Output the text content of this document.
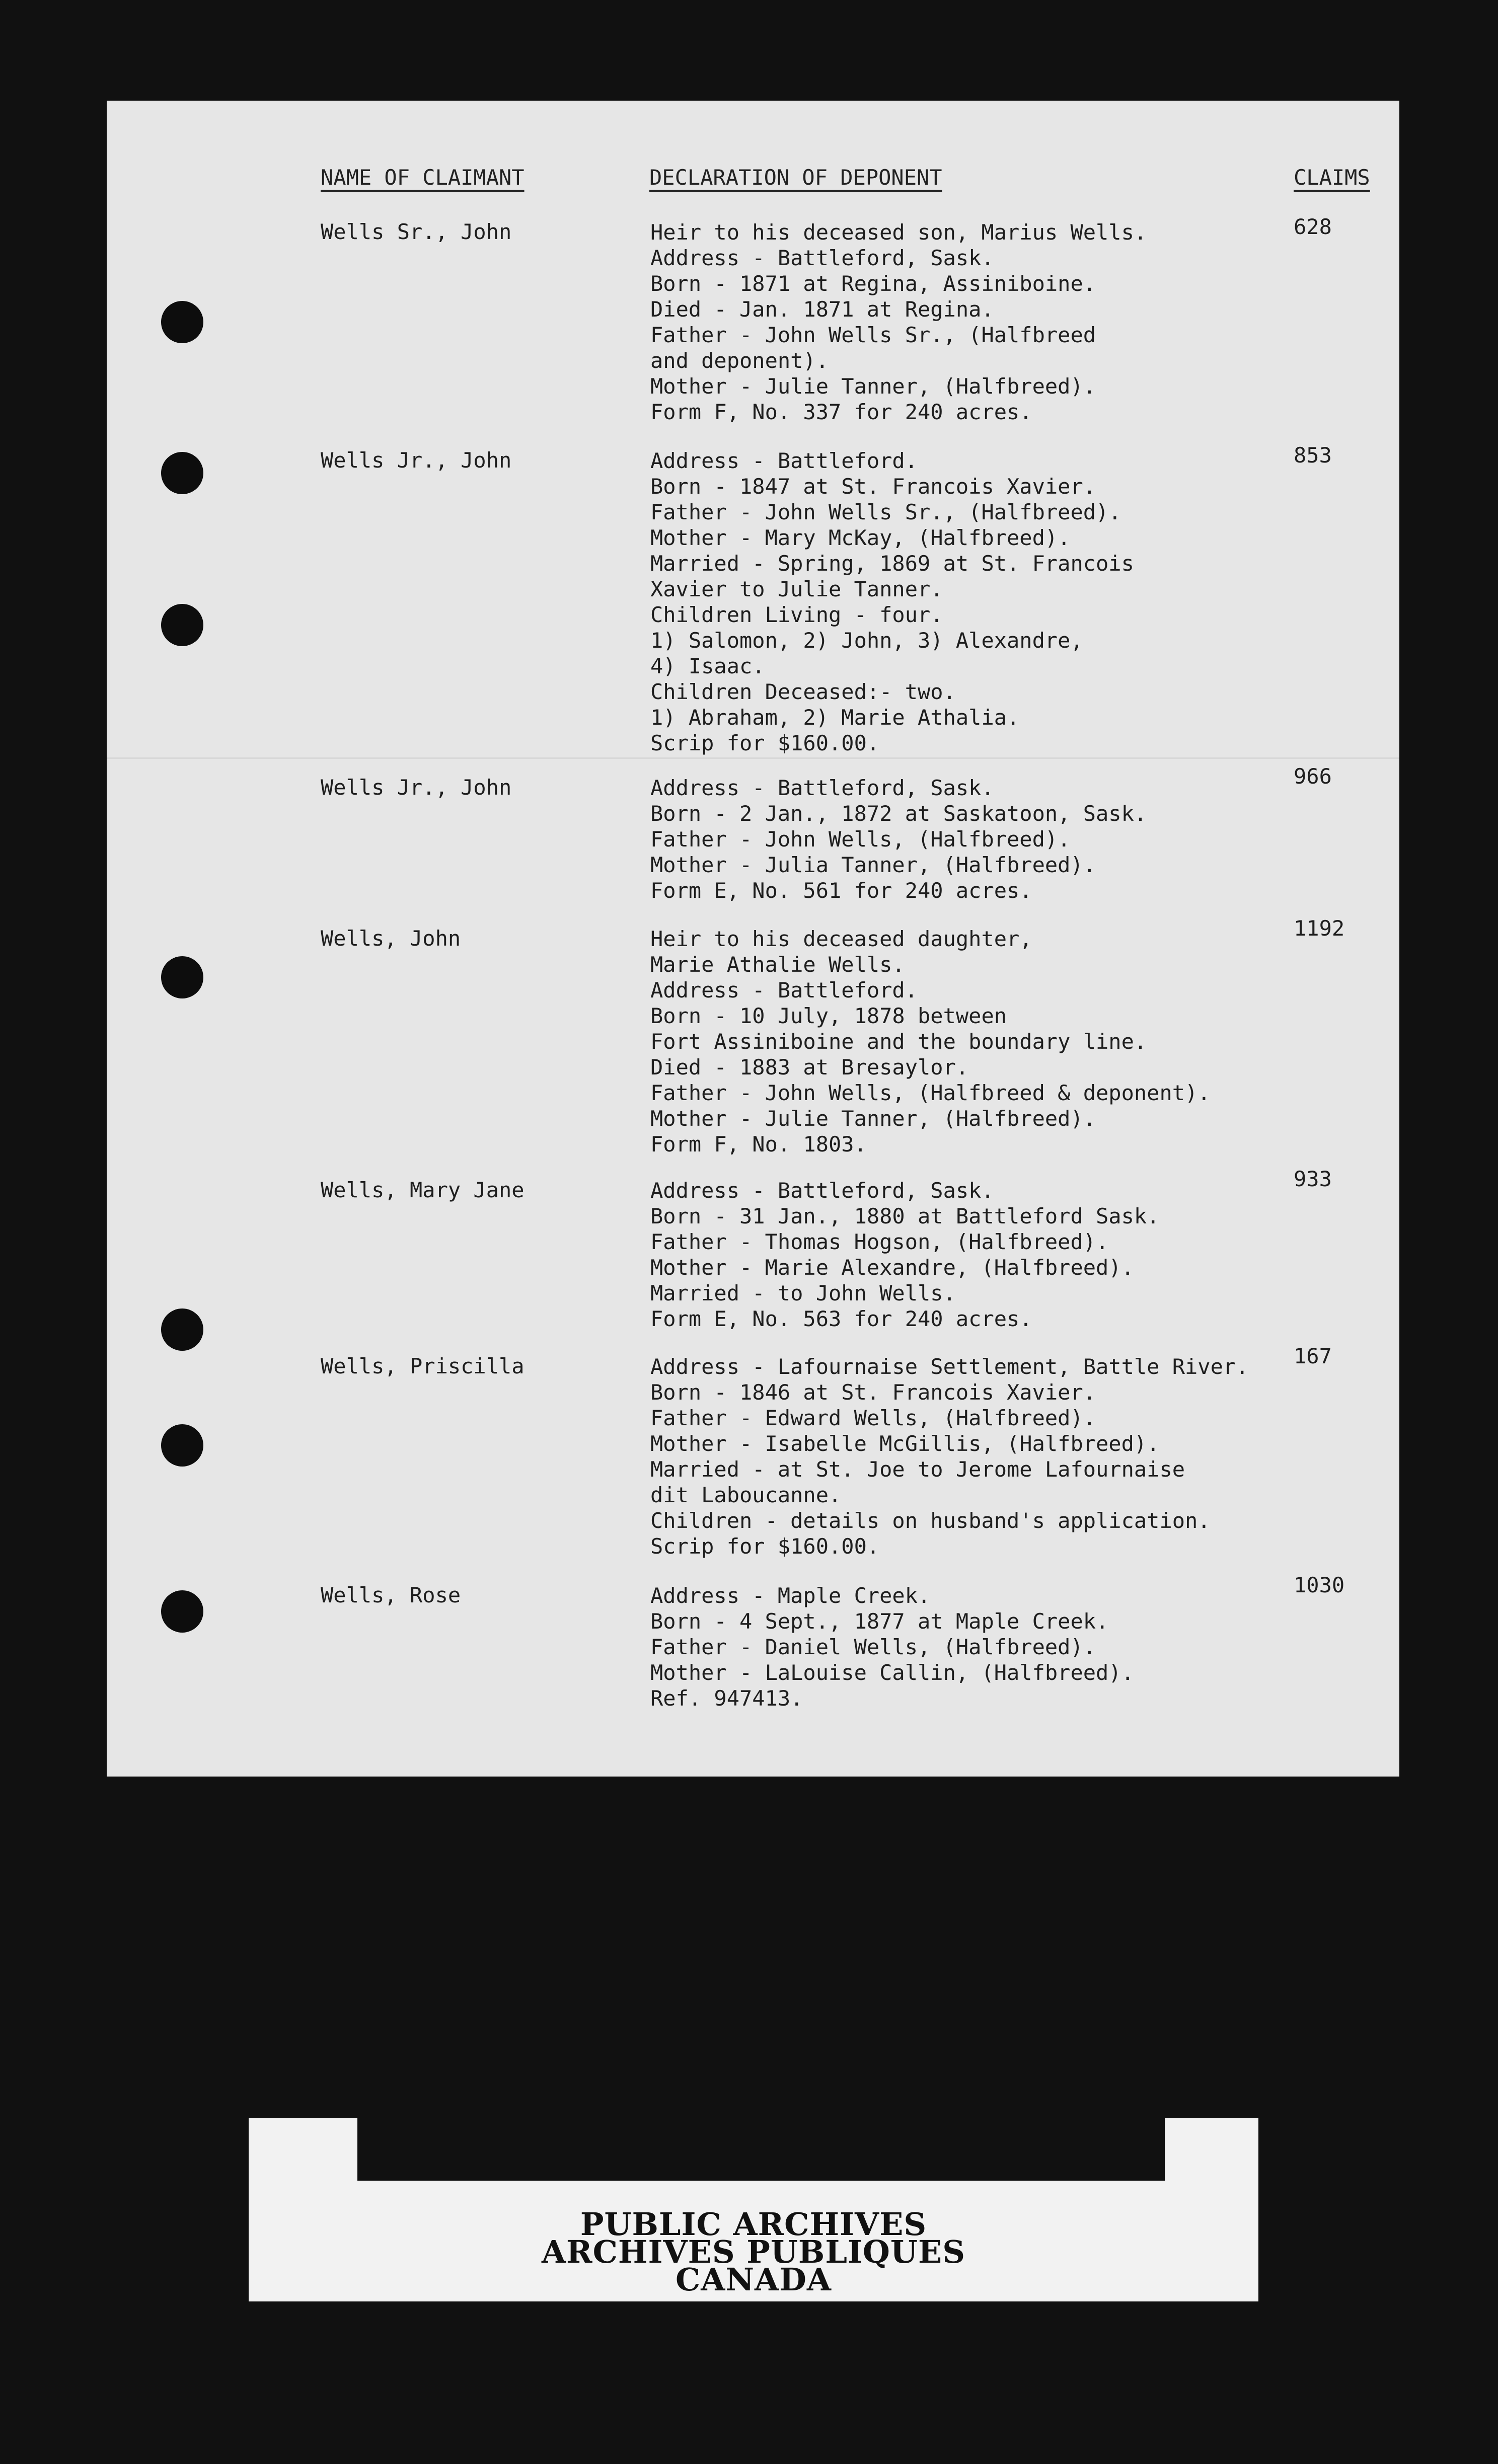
NAME OF CLAIMANT	DECLARATION OF DEPONENT	CLAIMS
Wells Sr., John	Heir to his deceased son, Marius Wells.
Address - Battleford, Sask.
Born - 1871 at Regina, Assiniboine.
Died - Jan. 1871 at Regina.
Father - John Wells Sr., (Halfbreed
and deponent).
Mother - Julie Tanner, (Halfbreed).
Form F, No. 337 for 240 acres.
628
Wells Jr., John	Address - Battleford.
Born - 1847 at St. Francois Xavier.
Father - John Wells Sr., (Halfbreed).
Mother - Mary McKay, (Halfbreed).
Married - Spring, 1869 at St. Francois
Xavier to Julie Tanner.
Children Living - four.
1) Salomon, 2) John, 3) Alexandre,
4) Isaac.
Children Deceased:- two.
1) Abraham, 2) Marie Athalia.
Scrip for $160.00.
853
Wells Jr., John	Address - Battleford, Sask.
Born - 2 Jan., 1872 at Saskatoon, Sask.
Father - John Wells, (Halfbreed).
Mother - Julia Tanner, (Halfbreed).
Form E, No. 561 for 240 acres.
966
Wells, John	Heir to his deceased daughter,
Marie Athalie Wells.
Address - Battleford.
Born - 10 July, 1878 between
Fort Assiniboine and the boundary line.
Died - 1883 at Bresaylor.
Father - John Wells, (Halfbreed & deponent).
Mother - Julie Tanner, (Halfbreed).
Form F, No. 1803.
1192
Wells, Mary Jane	Address - Battleford, Sask.
Born - 31 Jan., 1880 at Battleford Sask.
Father - Thomas Hogson, (Halfbreed).
Mother - Marie Alexandre, (Halfbreed).
Married - to John Wells.
Form E, No. 563 for 240 acres.
933
Wells, Priscilla	Address - Lafournaise Settlement, Battle River.
Born - 1846 at St. Francois Xavier.
Father - Edward Wells, (Halfbreed).
Mother - Isabelle McGillis, (Halfbreed).
Married - at St. Joe to Jerome Lafournaise
dit Laboucanne.
Children - details on husband's application.
Scrip for $160.00.
167
Wells, Rose	Address - Maple Creek.
Born - 4 Sept., 1877 at Maple Creek.
Father - Daniel Wells, (Halfbreed).
Mother - LaLouise Callin, (Halfbreed).
Ref. 947413.
1030
PUBLIC ARCHIVES
ARCHIVES PUBLIQUES
CANADA
